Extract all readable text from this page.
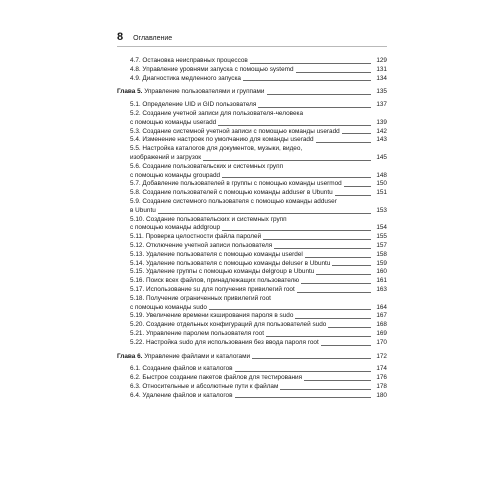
8 Оглавление
4.7. Остановка неисправных процессов	129
4.8. Управление уровнями запуска с помощью systemd	131
4.9. Диагностика медленного запуска	134
Глава 5. Управление пользователями и группами	135
5.1. Определение UID и GID пользователя	137
5.2. Создание учетной записи для пользователя-человека
с помощью команды useradd	139
5.3. Создание системной учетной записи с помощью команды useradd	142
5.4. Изменение настроек по умолчанию для команды useradd	143
5.5. Настройка каталогов для документов, музыки, видео,
изображений и загрузок	145
5.6. Создание пользовательских и системных групп
с помощью команды groupadd	148
5.7. Добавление пользователей в группы с помощью команды usermod	150
5.8. Создание пользователей с помощью команды adduser в Ubuntu	151
5.9. Создание системного пользователя с помощью команды adduser
в Ubuntu	153
5.10. Создание пользовательских и системных групп
с помощью команды addgroup	154
5.11. Проверка целостности файла паролей	155
5.12. Отключение учетной записи пользователя	157
5.13. Удаление пользователя с помощью команды userdel	158
5.14. Удаление пользователя с помощью команды deluser в Ubuntu	159
5.15. Удаление группы с помощью команды delgroup в Ubuntu	160
5.16. Поиск всех файлов, принадлежащих пользователю	161
5.17. Использование su для получения привилегий root	163
5.18. Получение ограниченных привилегий root
с помощью команды sudo	164
5.19. Увеличение времени кэширования пароля в sudo	167
5.20. Создание отдельных конфигураций для пользователей sudo	168
5.21. Управление паролем пользователя root	169
5.22. Настройка sudo для использования без ввода пароля root	170
Глава 6. Управление файлами и каталогами	172
6.1. Создание файлов и каталогов	174
6.2. Быстрое создание пакетов файлов для тестирования	176
6.3. Относительные и абсолютные пути к файлам	178
6.4. Удаление файлов и каталогов	180
